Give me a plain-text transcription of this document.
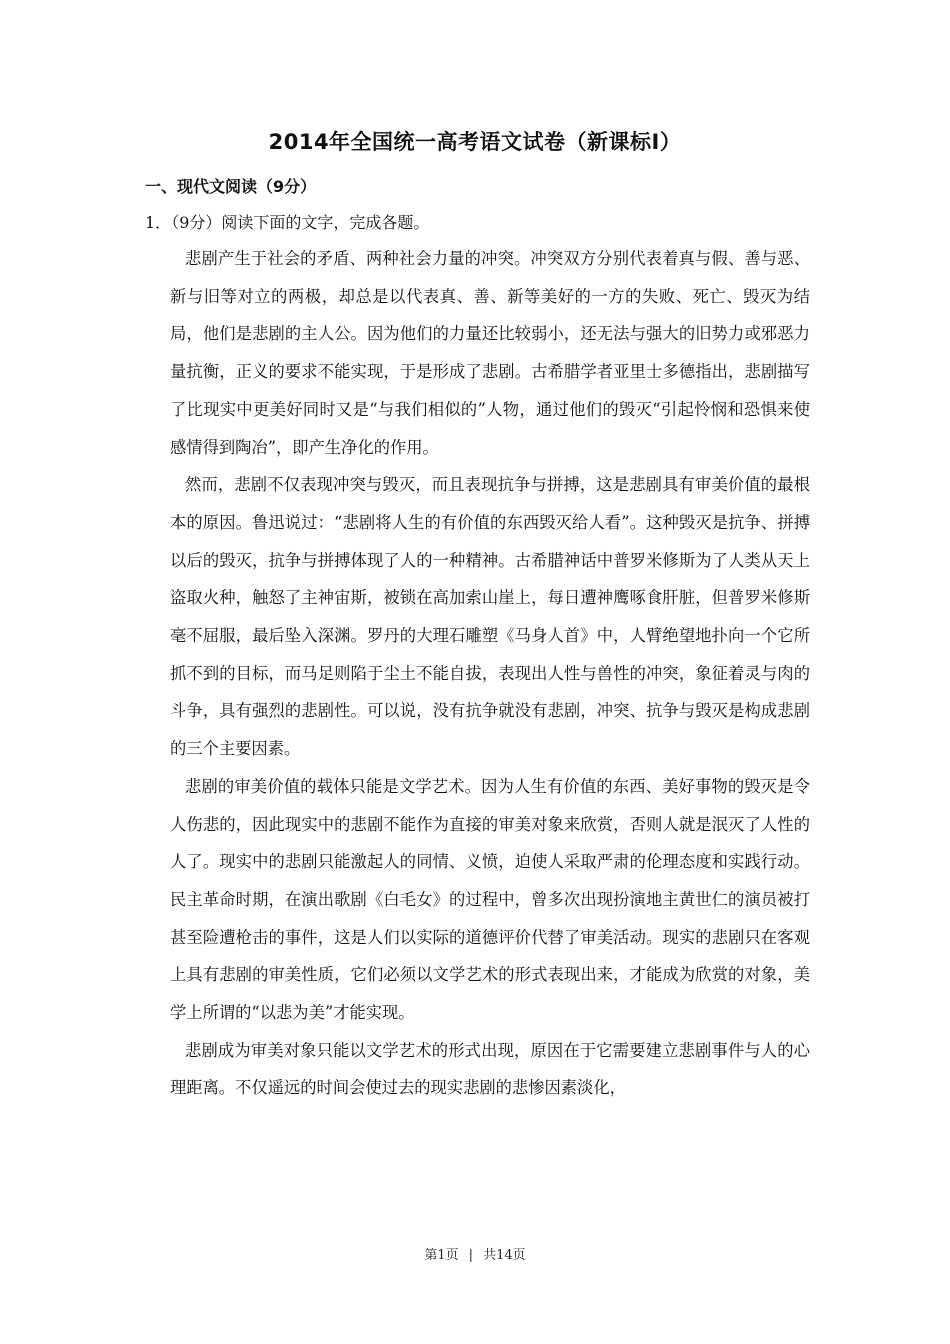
2014年全国统一高考语文试卷（新课标Ⅰ）
一、现代文阅读（9分）
1．（9分）阅读下面的文字，完成各题。

悲剧产生于社会的矛盾、两种社会力量的冲突。冲突双方分别代表着真与假、善与恶、新与旧等对立的两极，却总是以代表真、善、新等美好的一方的失败、死亡、毁灭为结局，他们是悲剧的主人公。因为他们的力量还比较弱小，还无法与强大的旧势力或邪恶力量抗衡，正义的要求不能实现，于是形成了悲剧。古希腊学者亚里士多德指出，悲剧描写了比现实中更美好同时又是“与我们相似的”人物，通过他们的毁灭“引起怜悯和恐惧来使感情得到陶冶”，即产生净化的作用。

然而，悲剧不仅表现冲突与毁灭，而且表现抗争与拼搏，这是悲剧具有审美价值的最根本的原因。鲁迅说过：“悲剧将人生的有价值的东西毁灭给人看”。这种毁灭是抗争、拼搏以后的毁灭，抗争与拼搏体现了人的一种精神。古希腊神话中普罗米修斯为了人类从天上盗取火种，触怒了主神宙斯，被锁在高加索山崖上，每日遭神鹰啄食肝脏，但普罗米修斯毫不屈服，最后坠入深渊。罗丹的大理石雕塑《马身人首》中，人臂绝望地扑向一个它所抓不到的目标，而马足则陷于尘土不能自拔，表现出人性与兽性的冲突，象征着灵与肉的斗争，具有强烈的悲剧性。可以说，没有抗争就没有悲剧，冲突、抗争与毁灭是构成悲剧的三个主要因素。

悲剧的审美价值的载体只能是文学艺术。因为人生有价值的东西、美好事物的毁灭是令人伤悲的，因此现实中的悲剧不能作为直接的审美对象来欣赏，否则人就是泯灭了人性的人了。现实中的悲剧只能激起人的同情、义愤，迫使人采取严肃的伦理态度和实践行动。民主革命时期，在演出歌剧《白毛女》的过程中，曾多次出现扮演地主黄世仁的演员被打甚至险遭枪击的事件，这是人们以实际的道德评价代替了审美活动。现实的悲剧只在客观上具有悲剧的审美性质，它们必须以文学艺术的形式表现出来，才能成为欣赏的对象，美学上所谓的“以悲为美”才能实现。

悲剧成为审美对象只能以文学艺术的形式出现，原因在于它需要建立悲剧事件与人的心理距离。不仅遥远的时间会使过去的现实悲剧的悲惨因素淡化，

第1页 | 共14页
